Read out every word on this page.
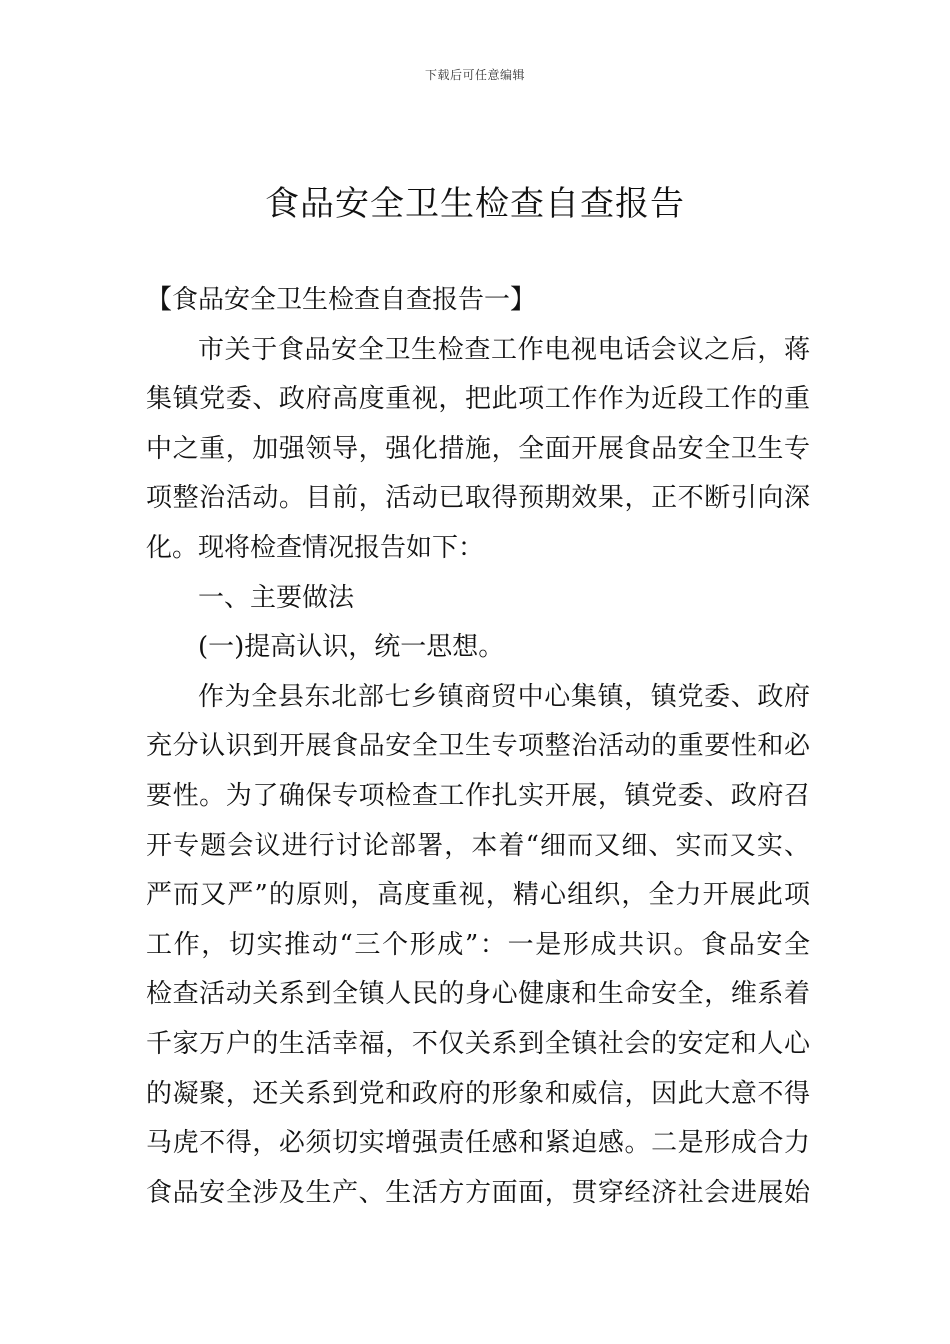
下载后可任意编辑
食品安全卫生检查自查报告
【食品安全卫生检查自查报告一】
市关于食品安全卫生检查工作电视电话会议之后，蒋
集镇党委、政府高度重视，把此项工作作为近段工作的重
中之重，加强领导，强化措施，全面开展食品安全卫生专
项整治活动。目前，活动已取得预期效果，正不断引向深
化。现将检查情况报告如下：
一、主要做法
(一)提高认识，统一思想。
作为全县东北部七乡镇商贸中心集镇，镇党委、政府
充分认识到开展食品安全卫生专项整治活动的重要性和必
要性。为了确保专项检查工作扎实开展，镇党委、政府召
开专题会议进行讨论部署，本着“细而又细、实而又实、
严而又严”的原则，高度重视，精心组织，全力开展此项
工作，切实推动“三个形成”：一是形成共识。食品安全
检查活动关系到全镇人民的身心健康和生命安全，维系着
千家万户的生活幸福，不仅关系到全镇社会的安定和人心
的凝聚，还关系到党和政府的形象和威信，因此大意不得
马虎不得，必须切实增强责任感和紧迫感。二是形成合力
食品安全涉及生产、生活方方面面，贯穿经济社会进展始
